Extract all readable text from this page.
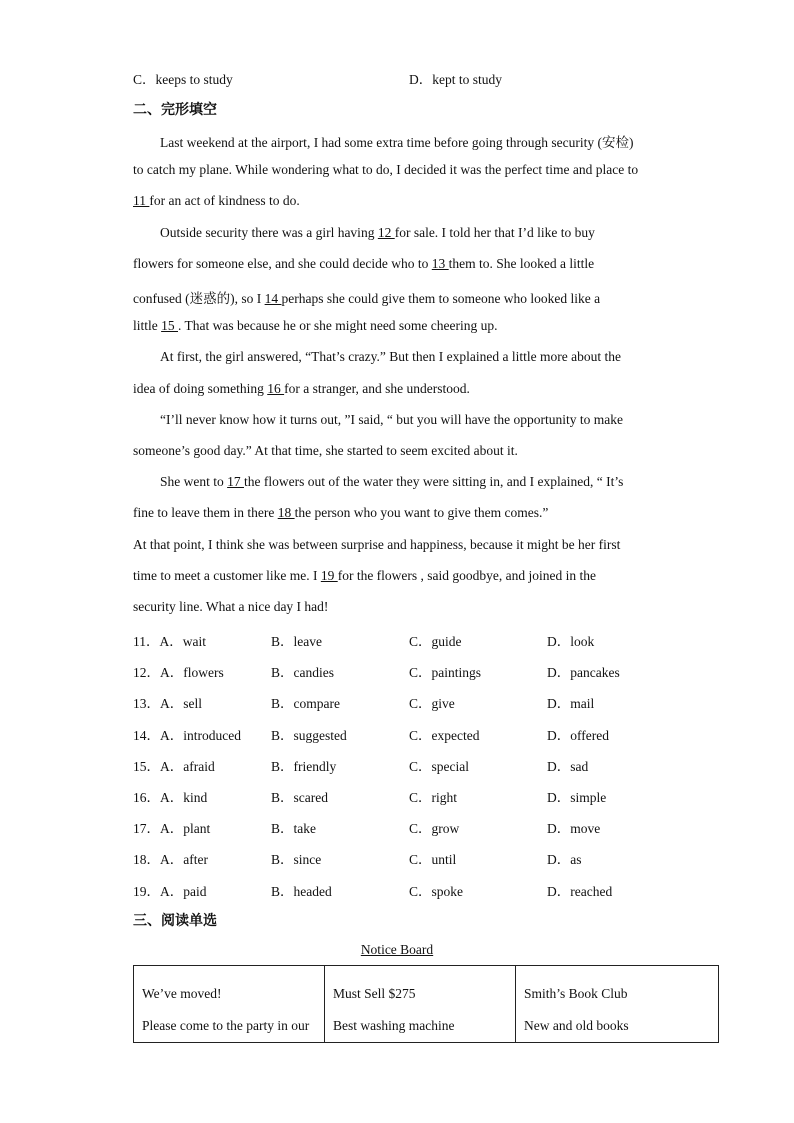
C．keeps to study	D．kept to study
二、完形填空
Last weekend at the airport, I had some extra time before going through security (安检)
to catch my plane. While wondering what to do, I decided it was the perfect time and place to
11 for an act of kindness to do.
Outside security there was a girl having 12 for sale. I told her that I’d like to buy
flowers for someone else, and she could decide who to 13 them to. She looked a little
confused (迷惑的), so I 14 perhaps she could give them to someone who looked like a
little 15 . That was because he or she might need some cheering up.
At first, the girl answered, “That’s crazy.” But then I explained a little more about the
idea of doing something 16 for a stranger, and she understood.
“I’ll never know how it turns out, ”I said, “ but you will have the opportunity to make
someone’s good day.” At that time, she started to seem excited about it.
She went to 17 the flowers out of the water they were sitting in, and I explained, “ It’s
fine to leave them in there 18 the person who you want to give them comes.”
At that point, I think she was between surprise and happiness, because it might be her first
time to meet a customer like me. I 19 for the flowers , said goodbye, and joined in the
security line. What a nice day I had!
11．A．wait	B．leave	C．guide	D．look
12．A．flowers	B．candies	C．paintings	D．pancakes
13．A．sell	B．compare	C．give	D．mail
14．A．introduced B．suggested	C．expected	D．offered
15．A．afraid	B．friendly	C．special	D．sad
16．A．kind	B．scared	C．right	D．simple
17．A．plant	B．take	C．grow	D．move
18．A．after	B．since	C．until	D．as
19．A．paid	B．headed	C．spoke	D．reached
三、阅读单选
Notice Board
We’ve moved!
Please come to the party in our

Must Sell $275
Best washing machine

Smith’s Book Club
New and old books
